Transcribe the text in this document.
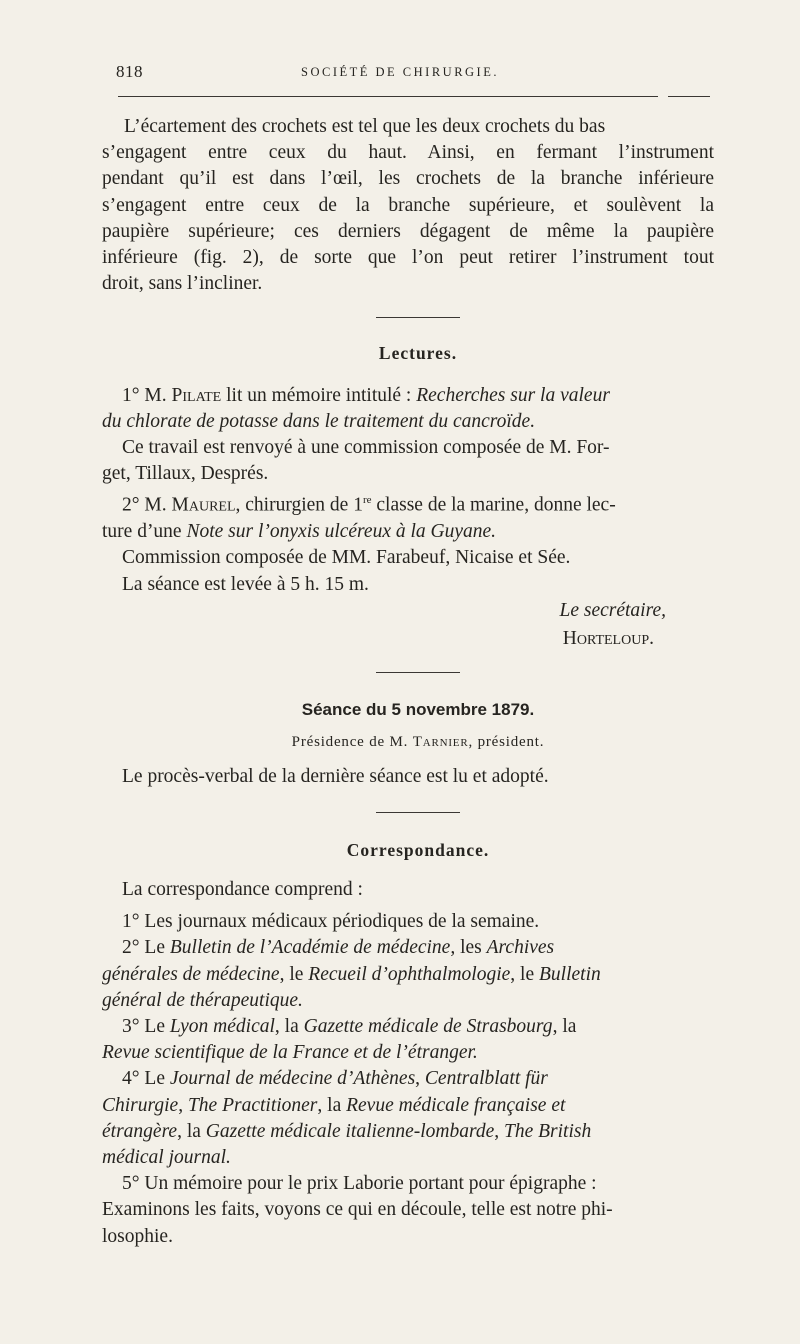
818	SOCIÉTÉ DE CHIRURGIE.
L’écartement des crochets est tel que les deux crochets du bas
s’engagent entre ceux du haut. Ainsi, en fermant l’instrument
pendant qu’il est dans l’œil, les crochets de la branche inférieure
s’engagent entre ceux de la branche supérieure, et soulèvent la
paupière supérieure; ces derniers dégagent de même la paupière
inférieure (fig. 2), de sorte que l’on peut retirer l’instrument tout
droit, sans l’incliner.
Lectures.
1° M. Pilate lit un mémoire intitulé : Recherches sur la valeur
du chlorate de potasse dans le traitement du cancroïde.
Ce travail est renvoyé à une commission composée de M. For-
get, Tillaux, Després.
2° M. Maurel, chirurgien de 1re classe de la marine, donne lec-
ture d’une Note sur l’onyxis ulcéreux à la Guyane.
Commission composée de MM. Farabeuf, Nicaise et Sée.
La séance est levée à 5 h. 15 m.
Le secrétaire,
Horteloup.
Séance du 5 novembre 1879.
Présidence de M. Tarnier, président.
Le procès-verbal de la dernière séance est lu et adopté.
Correspondance.
La correspondance comprend :
1° Les journaux médicaux périodiques de la semaine.
2° Le Bulletin de l’Académie de médecine, les Archives
générales de médecine, le Recueil d’ophthalmologie, le Bulletin
général de thérapeutique.
3° Le Lyon médical, la Gazette médicale de Strasbourg, la
Revue scientifique de la France et de l’étranger.
4° Le Journal de médecine d’Athènes, Centralblatt für
Chirurgie, The Practitioner, la Revue médicale française et
étrangère, la Gazette médicale italienne-lombarde, The British
médical journal.
5° Un mémoire pour le prix Laborie portant pour épigraphe :
Examinons les faits, voyons ce qui en découle, telle est notre phi-
losophie.
